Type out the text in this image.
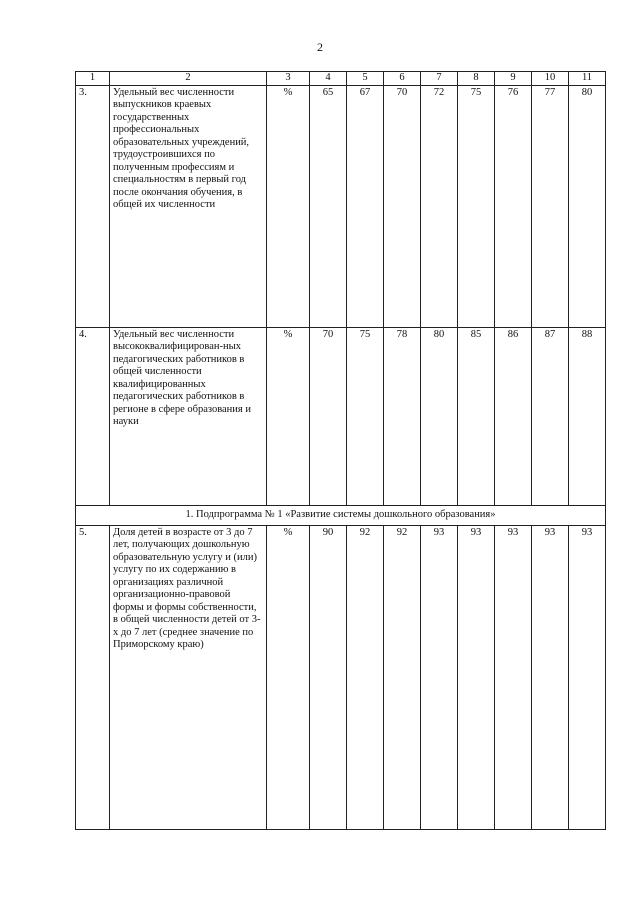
2
1	2	3	4	5	6	7	8	9	10	11
3.	Удельный вес численности выпускников краевых государственных профессиональных образовательных учреждений, трудоустроившихся по полученным профессиям и специальностям в первый год после окончания обучения, в общей их численности	%	65	67	70	72	75	76	77	80
4.	Удельный вес численности высококвалифицирован-ных педагогических работников в общей численности квалифицированных педагогических работников в регионе в сфере образования и науки	%	70	75	78	80	85	86	87	88
1. Подпрограмма № 1 «Развитие системы дошкольного образования»										
5.	Доля детей в возрасте от 3 до 7 лет, получающих дошкольную образовательную услугу и (или) услугу по их содержанию в организациях различной организационно-правовой формы и формы собственности, в общей численности детей от 3-х до 7 лет (среднее значение по Приморскому краю)	%	90	92	92	93	93	93	93	93
